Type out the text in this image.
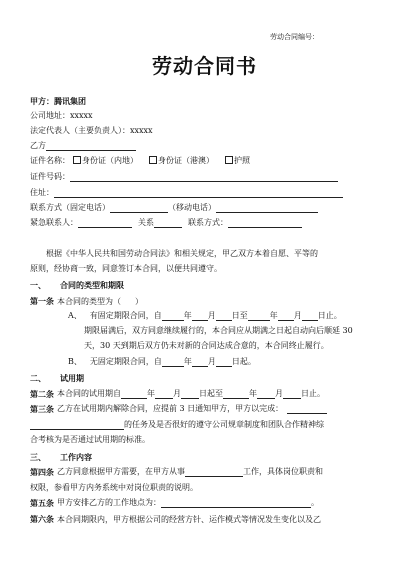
劳动合同编号：
劳动合同书
甲方：腾讯集团
公司地址：xxxxx
法定代表人（主要负责人）：xxxxx
乙方
证件名称： 身份证（内地）	身份证（港澳）	护照
证件号码：
住址：
联系方式（固定电话）	（移动电话）
紧急联系人：	关系	联系方式：
根据《中华人民共和国劳动合同法》和相关规定，甲乙双方本着自愿、平等的
原则，经协商一致，同意签订本合同，以便共同遵守。
一、 合同的类型和期限
第一条 本合同的类型为（ ）
A、 有固定期限合同，自	年 月 日至	年 月 日止。
期限届满后，双方同意继续履行的，本合同应从期满之日起自动向后顺延 30
天，30 天到期后双方仍未对新的合同达成合意的，本合同终止履行。
B、 无固定期限合同，自	年 月 日起。
二、 试用期
第二条 本合同的试用期自	年 月 日起至	年 月 日止。
第三条 乙方在试用期内解除合同，应提前 3 日通知甲方，甲方以完成：
的任务及是否很好的遵守公司规章制度和团队合作精神综
合考核为是否通过试用期的标准。
三、 工作内容
第四条 乙方同意根据甲方需要，在甲方从事	工作，具体岗位职责和
权限，参看甲方内务系统中对岗位职责的说明。
第五条 甲方安排乙方的工作地点为：	。
第六条 本合同期限内，甲方根据公司的经营方针、运作模式等情况发生变化以及乙
